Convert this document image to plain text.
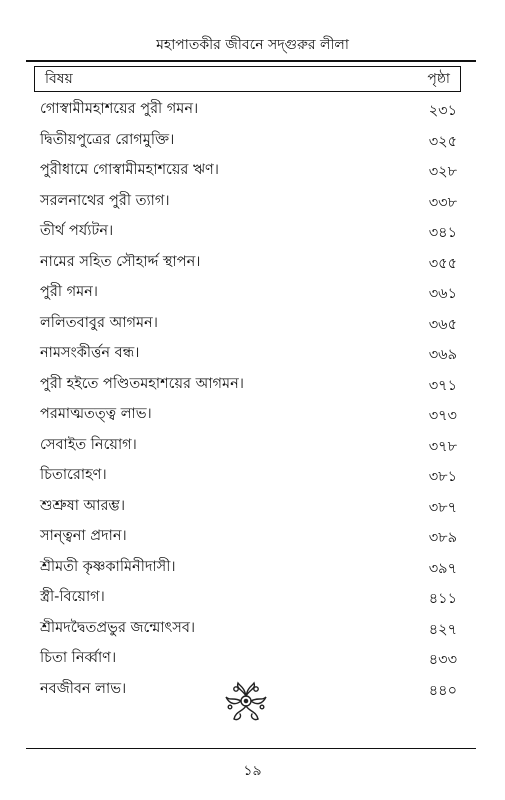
মহাপাতকীর জীবনে সদ্গুরুর লীলা
বিষয়	পৃষ্ঠা
গোস্বামীমহাশয়ের পুরী গমন।	২৩১
দ্বিতীয়পুত্রের রোগমুক্তি।	৩২৫
পুরীধামে গোস্বামীমহাশয়ের ঋণ।	৩২৮
সরলনাথের পুরী ত্যাগ।	৩৩৮
তীর্থ পর্য্যটন।	৩৪১
নামের সহিত সৌহার্দ্দ স্থাপন।	৩৫৫
পুরী গমন।	৩৬১
ললিতবাবুর আগমন।	৩৬৫
নামসংকীর্ত্তন বন্ধ।	৩৬৯
পুরী হইতে পণ্ডিতমহাশয়ের আগমন।	৩৭১
পরমাত্মতত্ত্ব লাভ।	৩৭৩
সেবাইত নিয়োগ।	৩৭৮
চিতারোহণ।	৩৮১
শুশ্রুষা আরম্ভ।	৩৮৭
সান্ত্বনা প্রদান।	৩৮৯
শ্রীমতী কৃষ্ণকামিনীদাসী।	৩৯৭
স্ত্রী-বিয়োগ।	৪১১
শ্রীমদদ্বৈতপ্রভুর জন্মোৎসব।	৪২৭
চিতা নির্ব্বাণ।	৪৩৩
নবজীবন লাভ।	৪৪০
১৯
